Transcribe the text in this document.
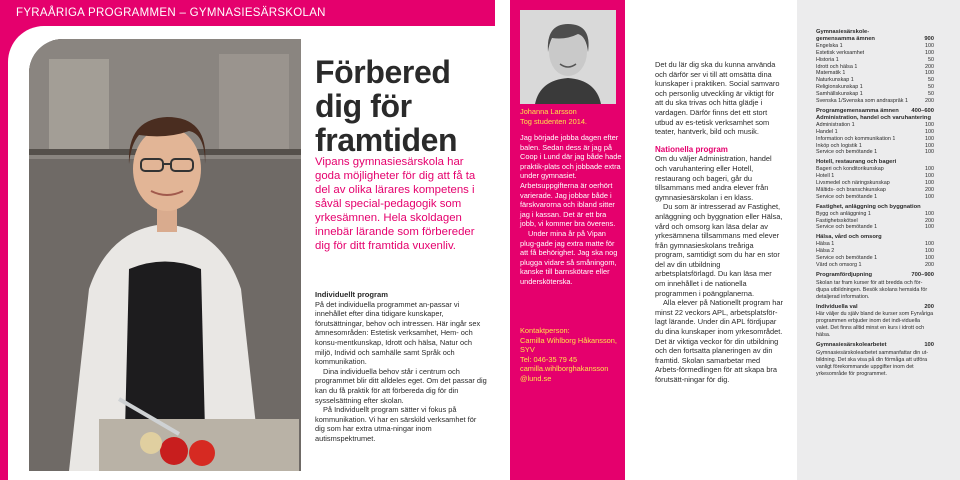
FYRAÅRIGA PROGRAMMEN – GYMNASIESÄRSKOLAN
Förbered
dig för
framtiden

Vipans gymnasiesärskola har goda möjligheter för dig att få ta del av olika lärares kompetens i såväl special-pedagogik som yrkesämnen. Hela skoldagen innebär lärande som förbereder dig för ditt framtida vuxenliv.

Individuellt program

På det individuella programmet an-passar vi innehållet efter dina tidigare kunskaper, förutsättningar, behov och intressen. Här ingår sex ämnesområden: Estetisk verksamhet, Hem- och konsu-mentkunskap, Idrott och hälsa, Natur och miljö, Individ och samhälle samt Språk och kommunikation.

Dina individuella behov står i centrum och programmet blir ditt alldeles eget. Om det passar dig kan du få praktik för att förbereda dig för din sysselsättning efter skolan.

På Individuellt program sätter vi fokus på kommunikation. Vi har en särskild verksamhet för dig som har extra utma-ningar inom autismspektrumet.

Johanna Larsson
Tog studenten 2014.

Jag började jobba dagen efter balen. Sedan dess är jag på Coop i Lund där jag både hade praktik-plats och jobbade extra under gymnasiet. Arbetsuppgifterna är oerhört varierade. Jag jobbar både i färskvarorna och ibland sitter jag i kassan. Det är ett bra jobb, vi kommer bra överens.

Under mina år på Vipan plug-gade jag extra matte för att få behörighet. Jag ska nog plugga vidare så småningom, kanske till barnskötare eller undersköterska.

Kontaktperson:
Camilla Wihlborg Håkansson, SYV
Tel: 046-35 79 45
camilla.wihlborghakansson
@lund.se

Det du lär dig ska du kunna använda och därför ser vi till att omsätta dina kunskaper i praktiken. Social samvaro och personlig utveckling är viktigt för att du ska trivas och hitta glädje i vardagen. Därför finns det ett stort utbud av es-tetisk verksamhet som teater, hantverk, bild och musik.

Nationella program

Om du väljer Administration, handel och varuhantering eller Hotell, restaurang och bageri, går du tillsammans med andra elever från gymnasiesärskolan i en klass.

Du som är intresserad av Fastighet, anläggning och byggnation eller Hälsa, vård och omsorg kan läsa delar av yrkesämnena tillsammans med elever från gymnasieskolans treåriga program, samtidigt som du har en stor del av din utbildning arbetsplatsförlagd. Du kan läsa mer om innehållet i de nationella programmen i poängplanerna.

Alla elever på Nationellt program har minst 22 veckors APL, arbetsplatsför-lagt lärande. Under din APL fördjupar du dina kunskaper inom yrkesområdet. Det är viktiga veckor för din utbildning och den fortsatta planeringen av din framtid. Skolan samarbetar med Arbets-förmedlingen för att skapa bra förutsätt-ningar för dig.

Gymnasiesärskole-
gemensamma ämnen	900
Engelska 1	100
Estetisk verksamhet	100
Historia 1	50
Idrott och hälsa 1	200
Matematik 1	100
Naturkunskap 1	50
Religionskunskap 1	50
Samhällskunskap 1	50
Svenska 1/Svenska som andraspråk 1	200
Programgemensamma ämnen 400–600
Administration, handel och varuhantering
Administration 1	100
Handel 1	100
Information och kommunikation 1	100
Inköp och logistik 1	100
Service och bemötande 1	100
Hotell, restaurang och bageri
Bageri och konditorikunskap	100
Hotell 1	100
Livsmedel och näringskunskap	100
Måltids- och branschkunskap	200
Service och bemötande 1	100
Fastighet, anläggning och byggnation
Bygg och anläggning 1	100
Fastighetsskötsel	200
Service och bemötande 1	100
Hälsa, vård och omsorg
Hälsa 1	100
Hälsa 2	100
Service och bemötande 1	100
Vård och omsorg 1	200
Programfördjupning	700–900
Skolan tar fram kurser för att bredda och för-djupa utbildningen. Besök skolans hemsida för detaljerad information.
Individuella val	200
Här väljer du själv bland de kurser som Fyrvåriga programmen erbjuder inom det indi-viduella valet. Det finns alltid minst en kurs i idrott och hälsa.
Gymnasiesärskolearbetet	100
Gymnasiesärskolearbetet sammanfattar din ut-bildning. Det ska visa på din förmåga att utföra vanligt förekommande uppgifter inom det yrkesområde för programmet.
